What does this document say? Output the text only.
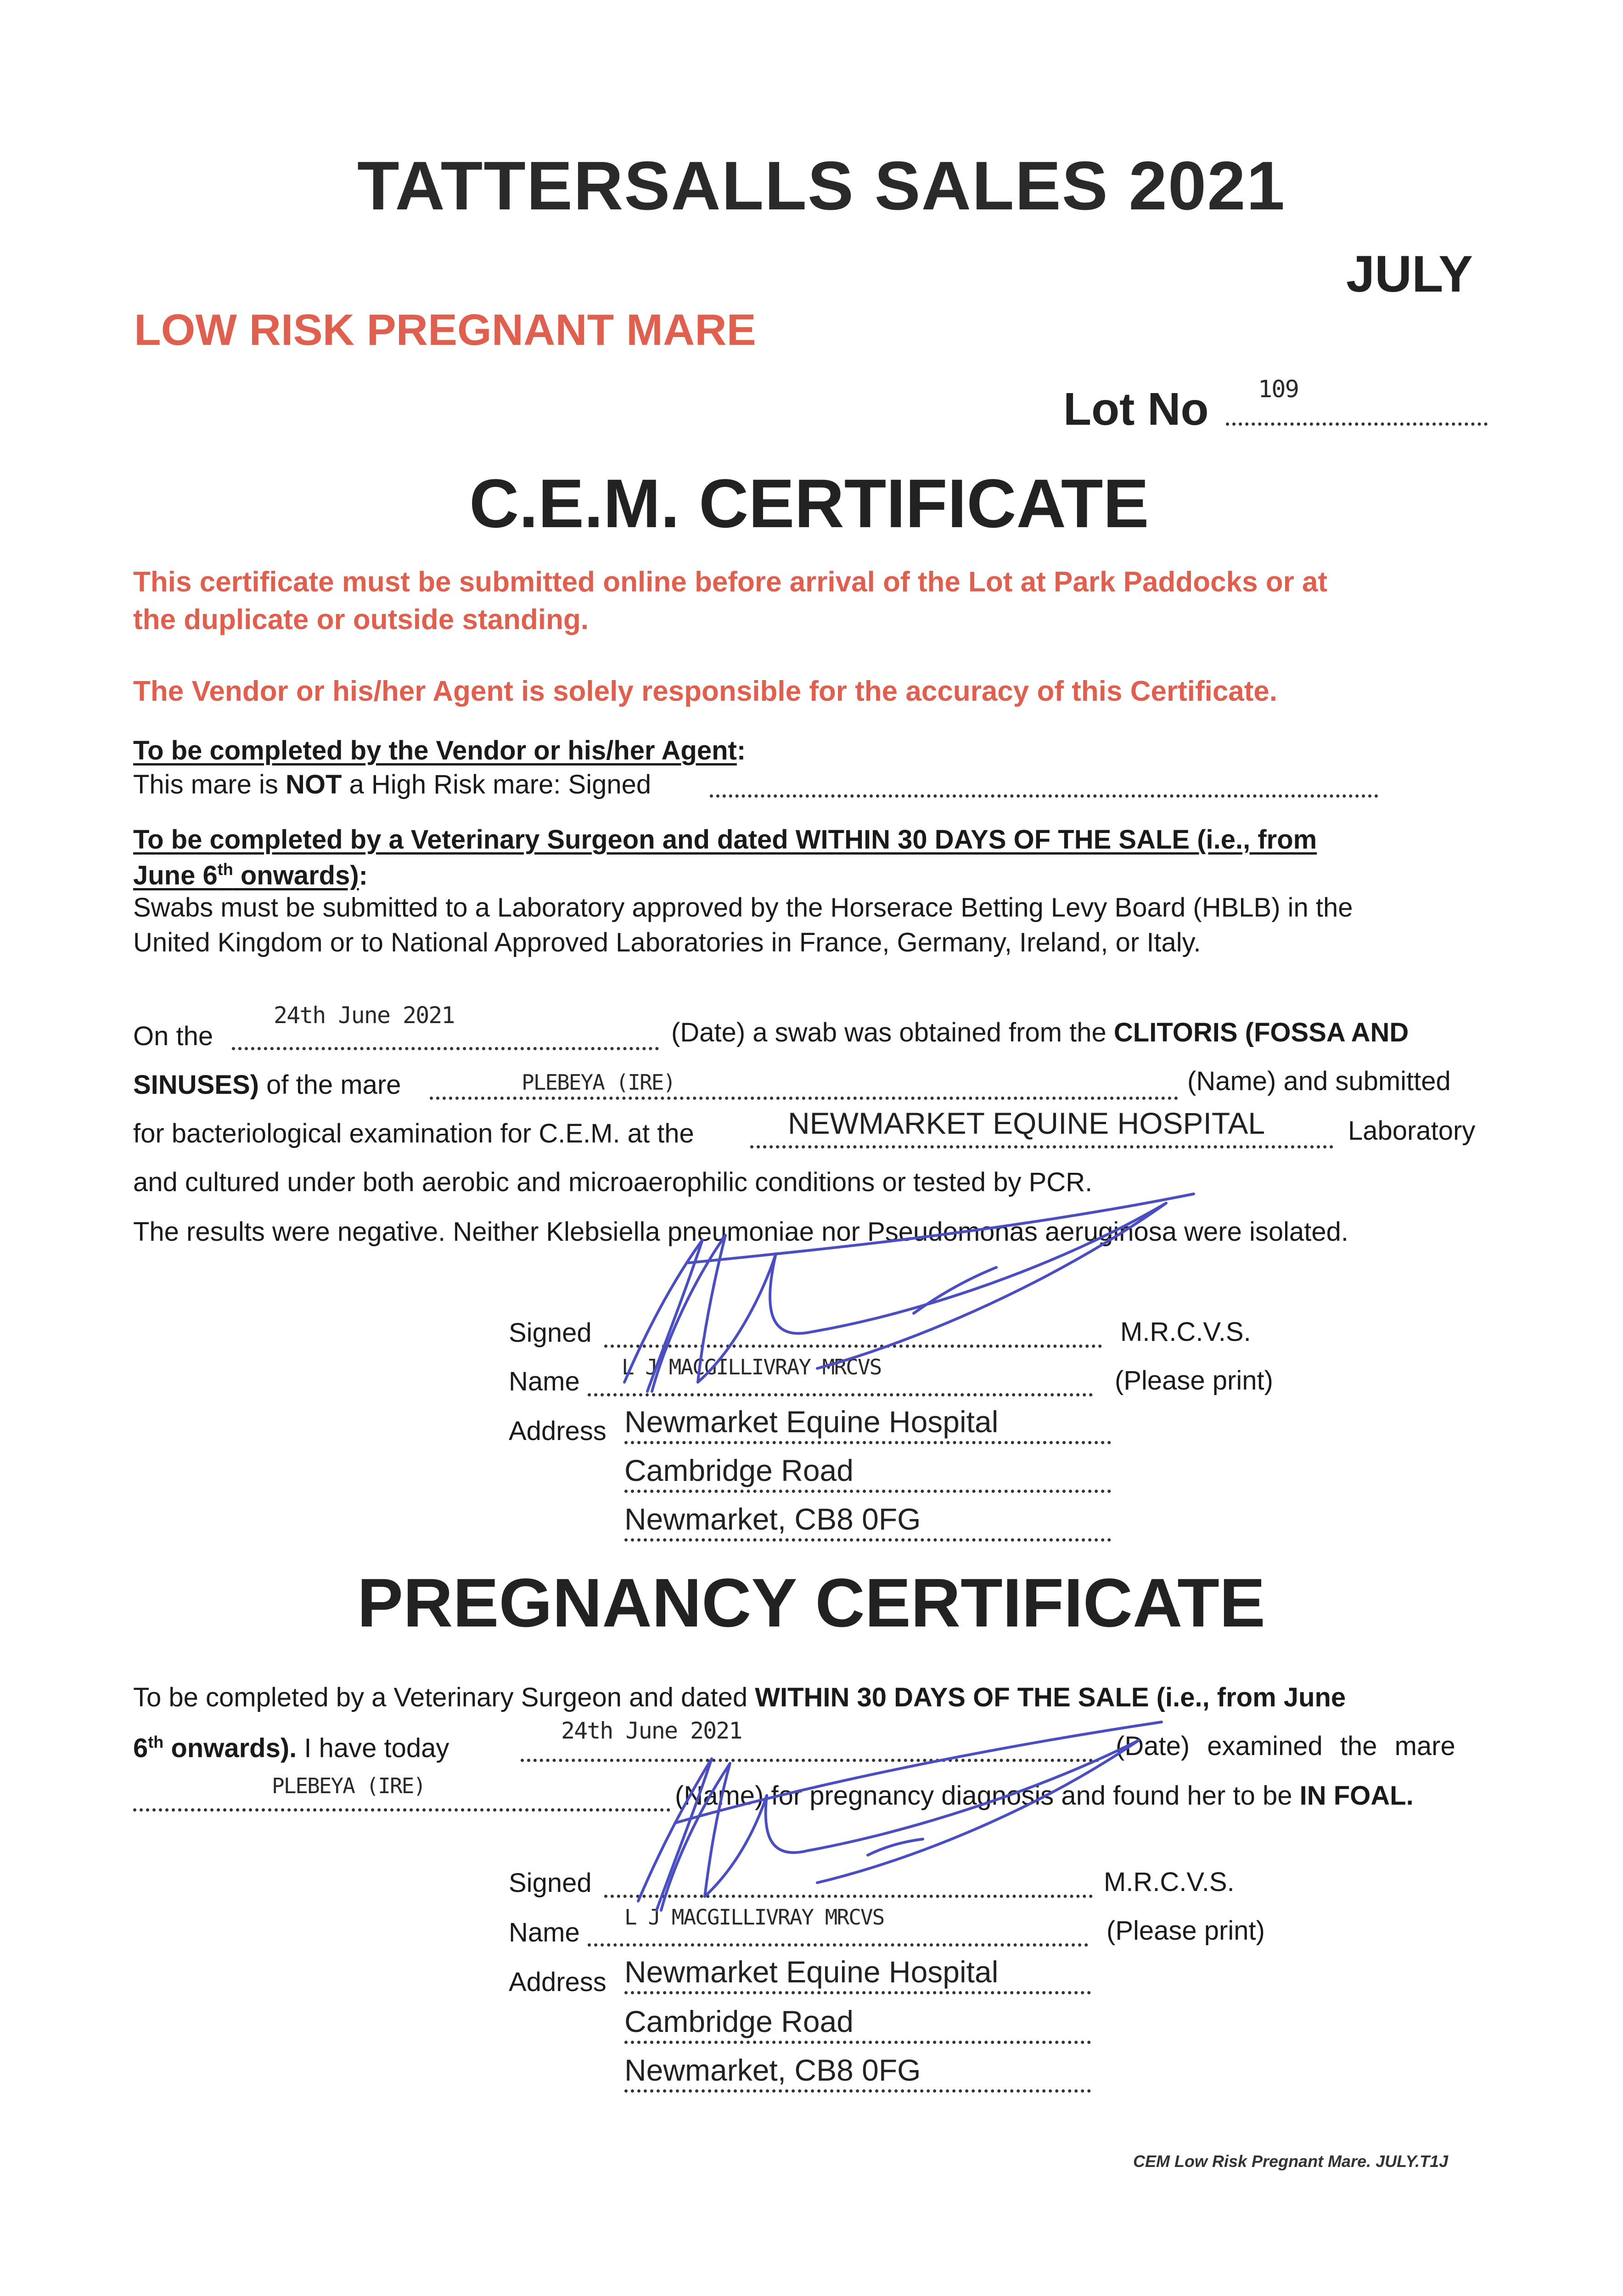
TATTERSALLS SALES 2021
JULY
LOW RISK PREGNANT MARE
Lot No 109
C.E.M. CERTIFICATE
This certificate must be submitted online before arrival of the Lot at Park Paddocks or at
the duplicate or outside standing.
The Vendor or his/her Agent is solely responsible for the accuracy of this Certificate.
To be completed by the Vendor or his/her Agent:
This mare is NOT a High Risk mare: Signed
To be completed by a Veterinary Surgeon and dated WITHIN 30 DAYS OF THE SALE (i.e., from
June 6th onwards):
Swabs must be submitted to a Laboratory approved by the Horserace Betting Levy Board (HBLB) in the
United Kingdom or to National Approved Laboratories in France, Germany, Ireland, or Italy.
On the
24th June 2021
(Date) a swab was obtained from the CLITORIS (FOSSA AND
SINUSES) of the mare	PLEBEYA (IRE)	(Name) and submitted
for bacteriological examination for C.E.M. at the	NEWMARKET EQUINE HOSPITAL	Laboratory
and cultured under both aerobic and microaerophilic conditions or tested by PCR.
The results were negative. Neither Klebsiella pneumoniae nor Pseudomonas aeruginosa were isolated.
Signed	M.R.C.V.S.
Name L J MACGILLIVRAY MRCVS	(Please print)
Address Newmarket Equine Hospital
Cambridge Road
Newmarket, CB8 0FG
PREGNANCY CERTIFICATE
To be completed by a Veterinary Surgeon and dated WITHIN 30 DAYS OF THE SALE (i.e., from June
6th onwards). I have today
24th June 2021
(Date) examined the mare
PLEBEYA (IRE)	(Name) for pregnancy diagnosis and found her to be IN FOAL.
Signed	M.R.C.V.S.
Name
L J MACGILLIVRAY MRCVS	(Please print)
Address Newmarket Equine Hospital
Cambridge Road
Newmarket, CB8 0FG
CEM Low Risk Pregnant Mare. JULY.T1J
